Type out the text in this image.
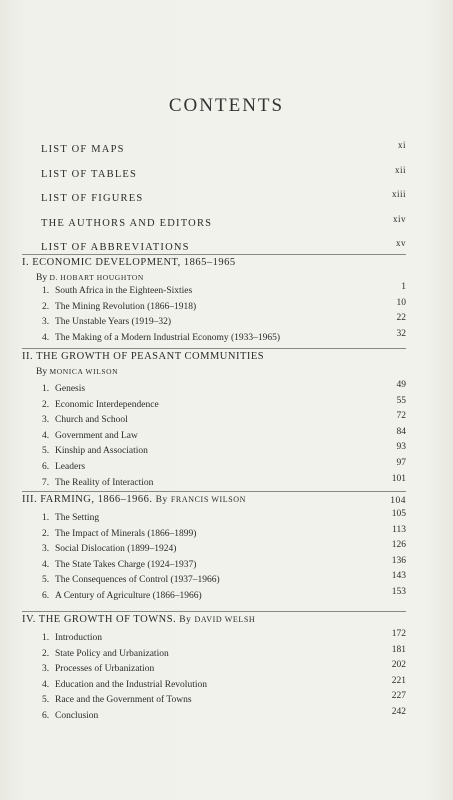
CONTENTS
LIST OF MAPS	xi
LIST OF TABLES	xii
LIST OF FIGURES	xiii
THE AUTHORS AND EDITORS	xiv
LIST OF ABBREVIATIONS	xv
I. ECONOMIC DEVELOPMENT, 1865–1965
By D. HOBART HOUGHTON
1. South Africa in the Eighteen-Sixties	1
2. The Mining Revolution (1866–1918)	10
3. The Unstable Years (1919–32)	22
4. The Making of a Modern Industrial Economy (1933–1965)	32
II. THE GROWTH OF PEASANT COMMUNITIES
By MONICA WILSON
1. Genesis	49
2. Economic Interdependence	55
3. Church and School	72
4. Government and Law	84
5. Kinship and Association	93
6. Leaders	97
7. The Reality of Interaction	101
III. FARMING, 1866–1966. By FRANCIS WILSON	104
1. The Setting	105
2. The Impact of Minerals (1866–1899)	113
3. Social Dislocation (1899–1924)	126
4. The State Takes Charge (1924–1937)	136
5. The Consequences of Control (1937–1966)	143
6. A Century of Agriculture (1866–1966)	153
IV. THE GROWTH OF TOWNS. By DAVID WELSH
1. Introduction	172
2. State Policy and Urbanization	181
3. Processes of Urbanization	202
4. Education and the Industrial Revolution	221
5. Race and the Government of Towns	227
6. Conclusion	242
